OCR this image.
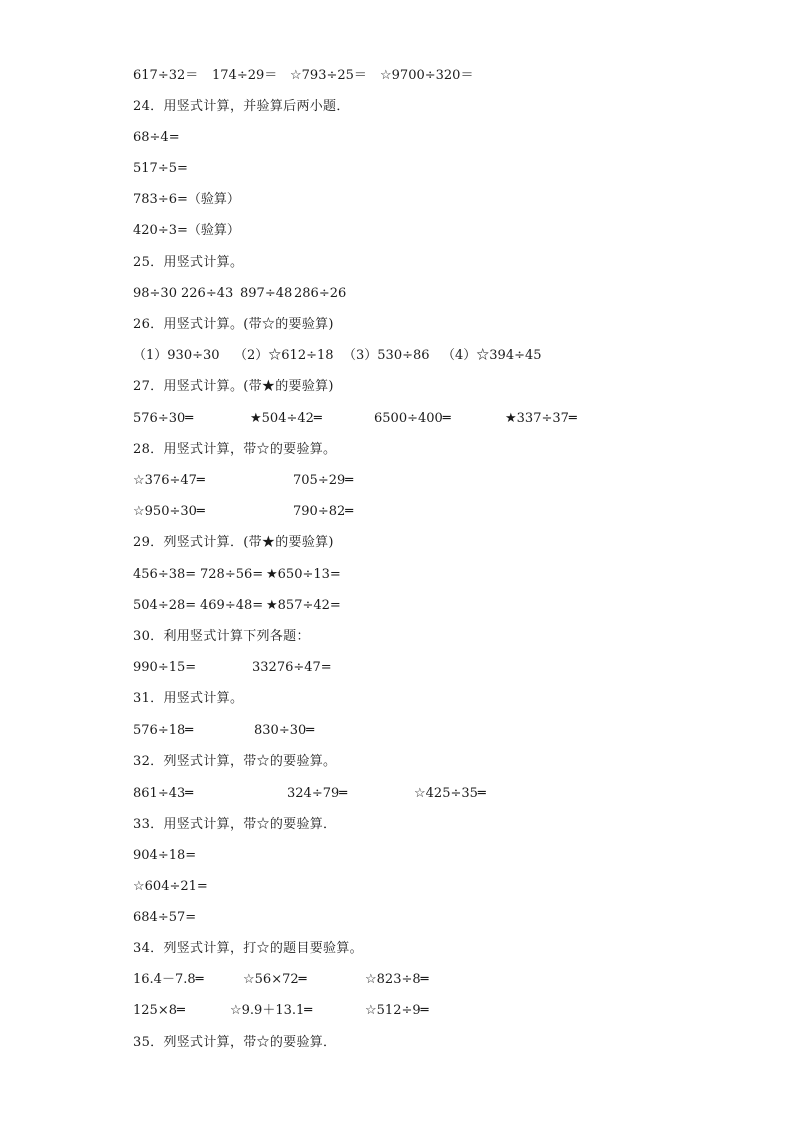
617÷32＝ 174÷29＝ ☆793÷25＝ ☆9700÷320＝
24．用竖式计算，并验算后两小题．
68÷4=
517÷5=
783÷6=（验算）
420÷3=（验算）
25．用竖式计算。
98÷30 226÷43 897÷48 286÷26
26．用竖式计算。(带☆的要验算)
（1）930÷30 （2）☆612÷18 （3）530÷86 （4）☆394÷45
27．用竖式计算。(带★的要验算)
576÷30═	★504÷42═	6500÷400═	★337÷37═
28．用竖式计算，带☆的要验算。
☆376÷47═	705÷29═
☆950÷30═	790÷82═
29．列竖式计算．(带★的要验算)
456÷38= 728÷56= ★650÷13=
504÷28= 469÷48= ★857÷42=
30．利用竖式计算下列各题：
990÷15=	33276÷47=
31．用竖式计算。
576÷18═	830÷30═
32．列竖式计算，带☆的要验算。
861÷43═	324÷79═	☆425÷35═
33．用竖式计算，带☆的要验算．
904÷18=
☆604÷21=
684÷57=
34．列竖式计算，打☆的题目要验算。
16.4－7.8═	☆56×72═	☆823÷8═
125×8═	☆9.9＋13.1═	☆512÷9═
35．列竖式计算，带☆的要验算．
